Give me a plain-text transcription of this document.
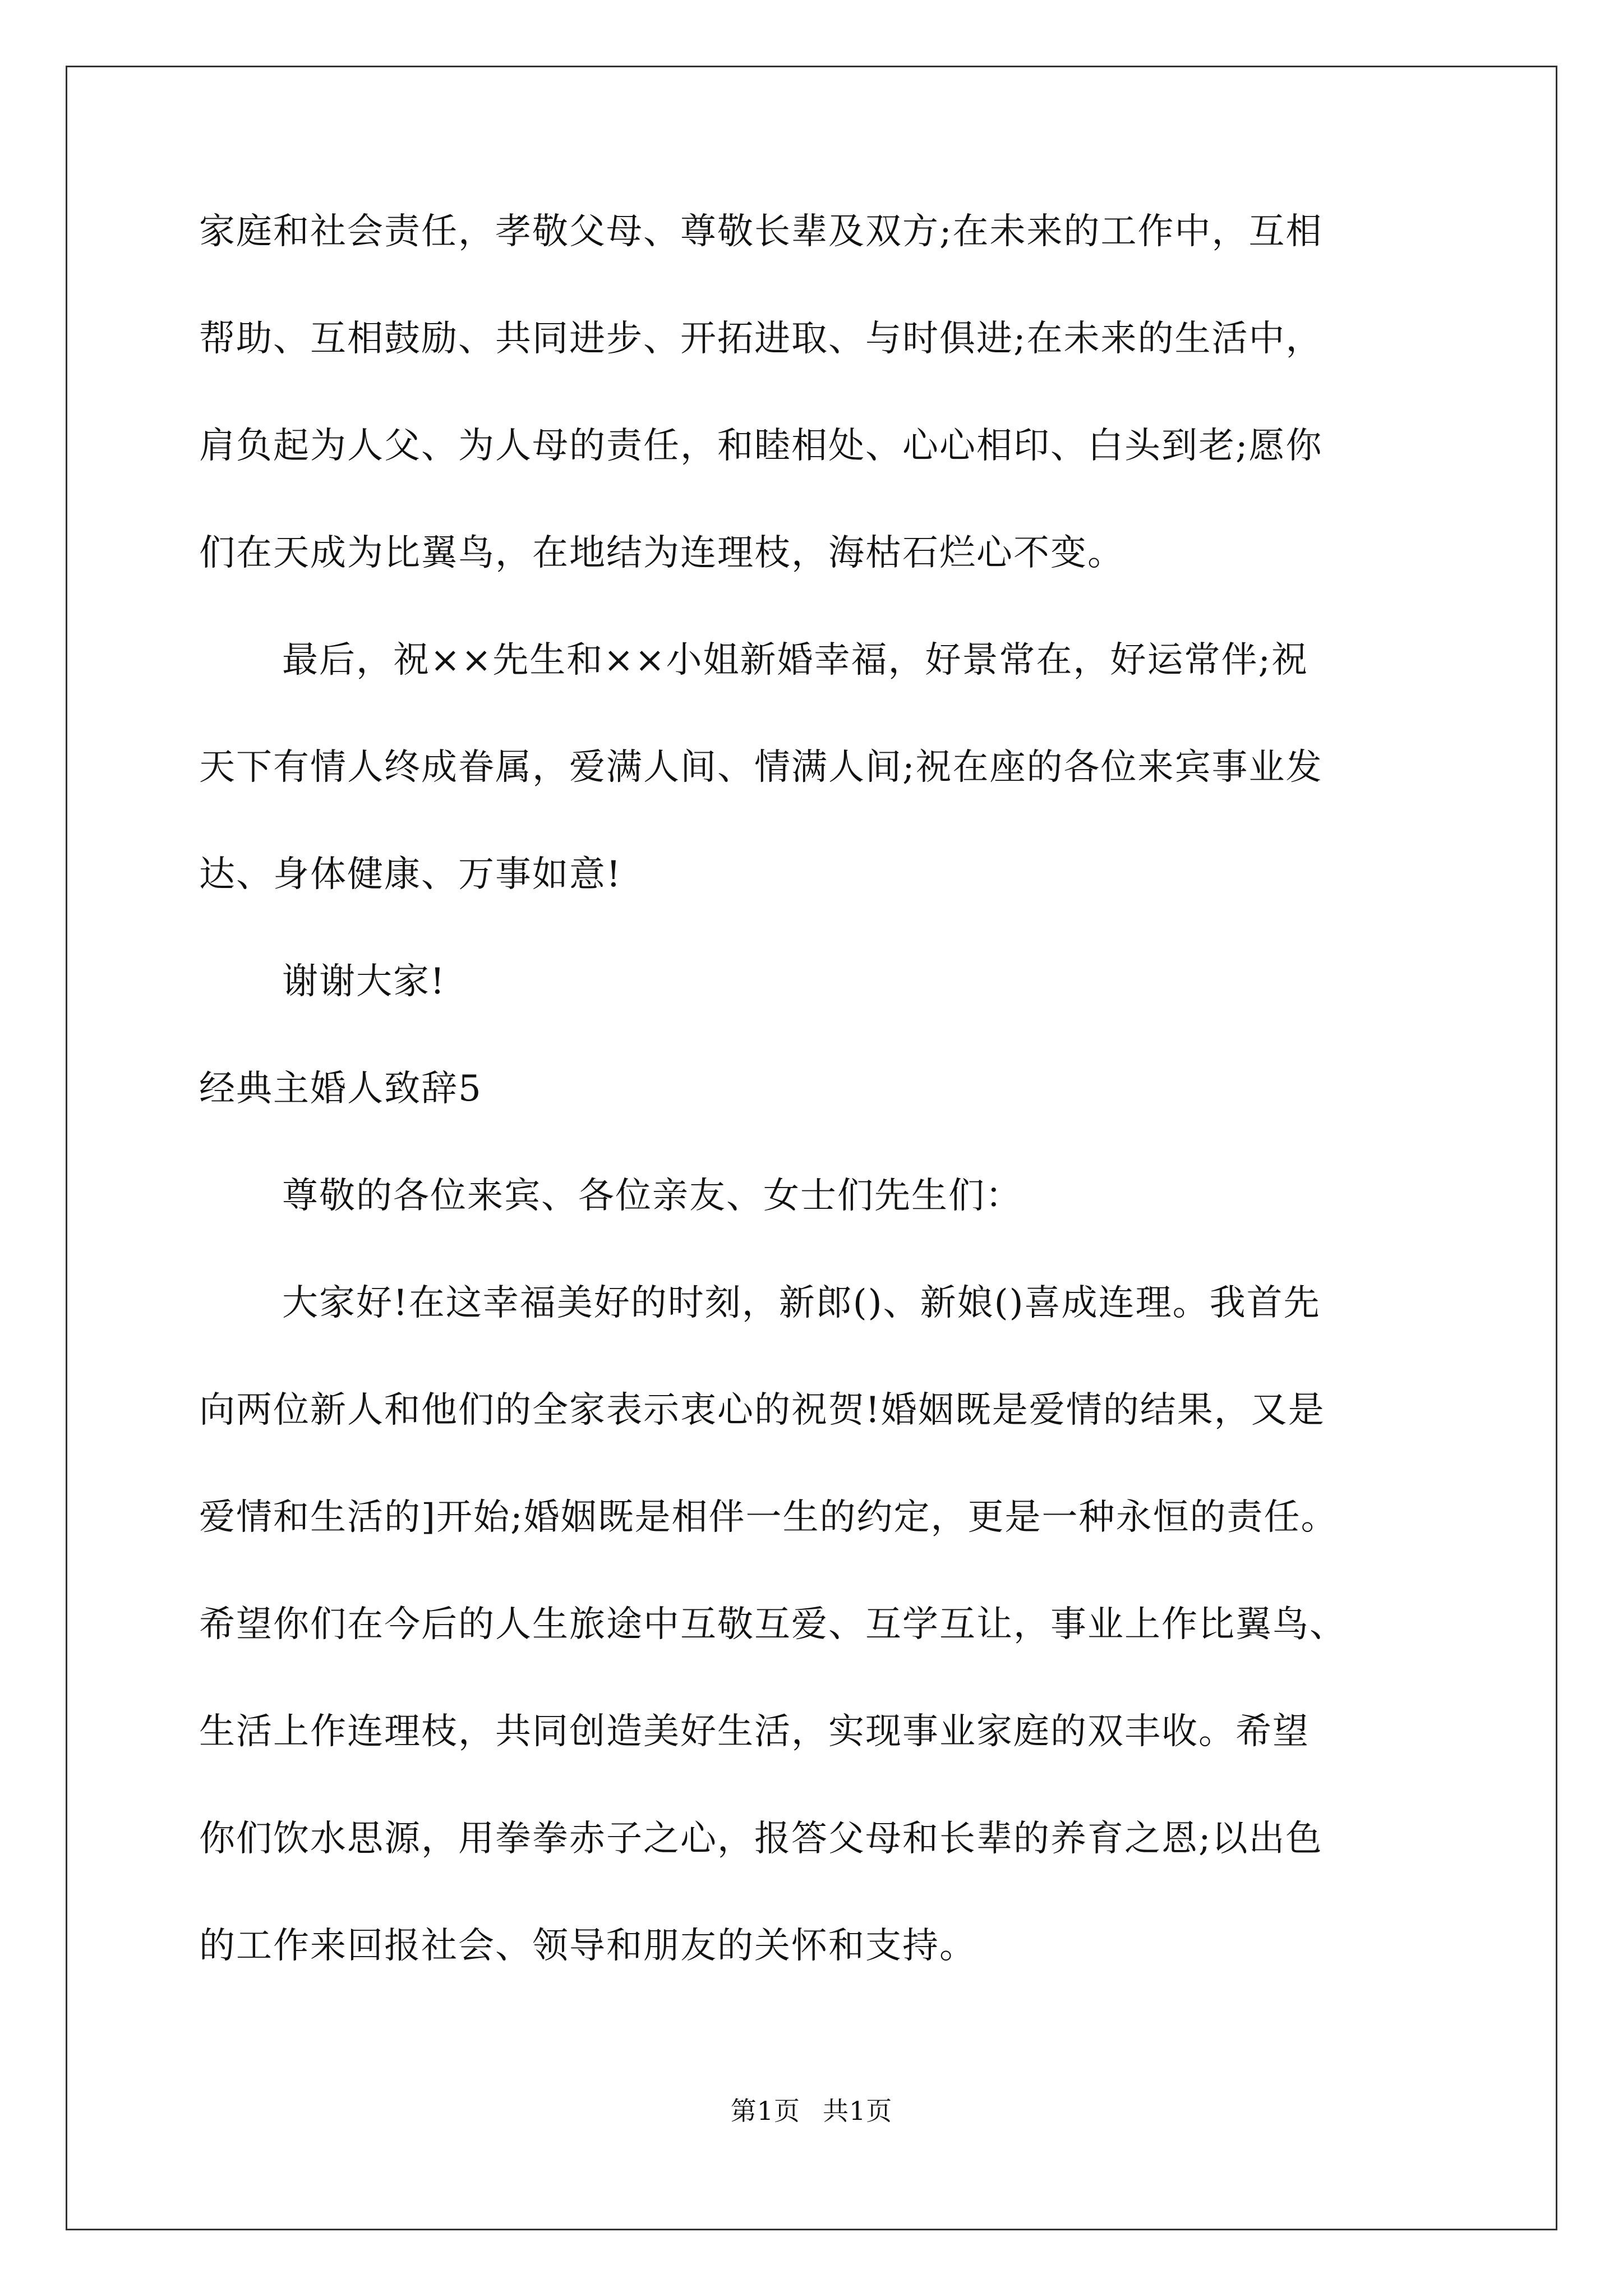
家庭和社会责任，孝敬父母、尊敬长辈及双方;在未来的工作中，互相
帮助、互相鼓励、共同进步、开拓进取、与时俱进;在未来的生活中，
肩负起为人父、为人母的责任，和睦相处、心心相印、白头到老;愿你
们在天成为比翼鸟，在地结为连理枝，海枯石烂心不变。
最后，祝××先生和××小姐新婚幸福，好景常在，好运常伴;祝
天下有情人终成眷属，爱满人间、情满人间;祝在座的各位来宾事业发
达、身体健康、万事如意!
谢谢大家!
经典主婚人致辞5
尊敬的各位来宾、各位亲友、女士们先生们：
大家好!在这幸福美好的时刻，新郎()、新娘()喜成连理。我首先
向两位新人和他们的全家表示衷心的祝贺!婚姻既是爱情的结果，又是
爱情和生活的]开始;婚姻既是相伴一生的约定，更是一种永恒的责任。
希望你们在今后的人生旅途中互敬互爱、互学互让，事业上作比翼鸟、
生活上作连理枝，共同创造美好生活，实现事业家庭的双丰收。希望
你们饮水思源，用拳拳赤子之心，报答父母和长辈的养育之恩;以出色
的工作来回报社会、领导和朋友的关怀和支持。
第1页 共1页
